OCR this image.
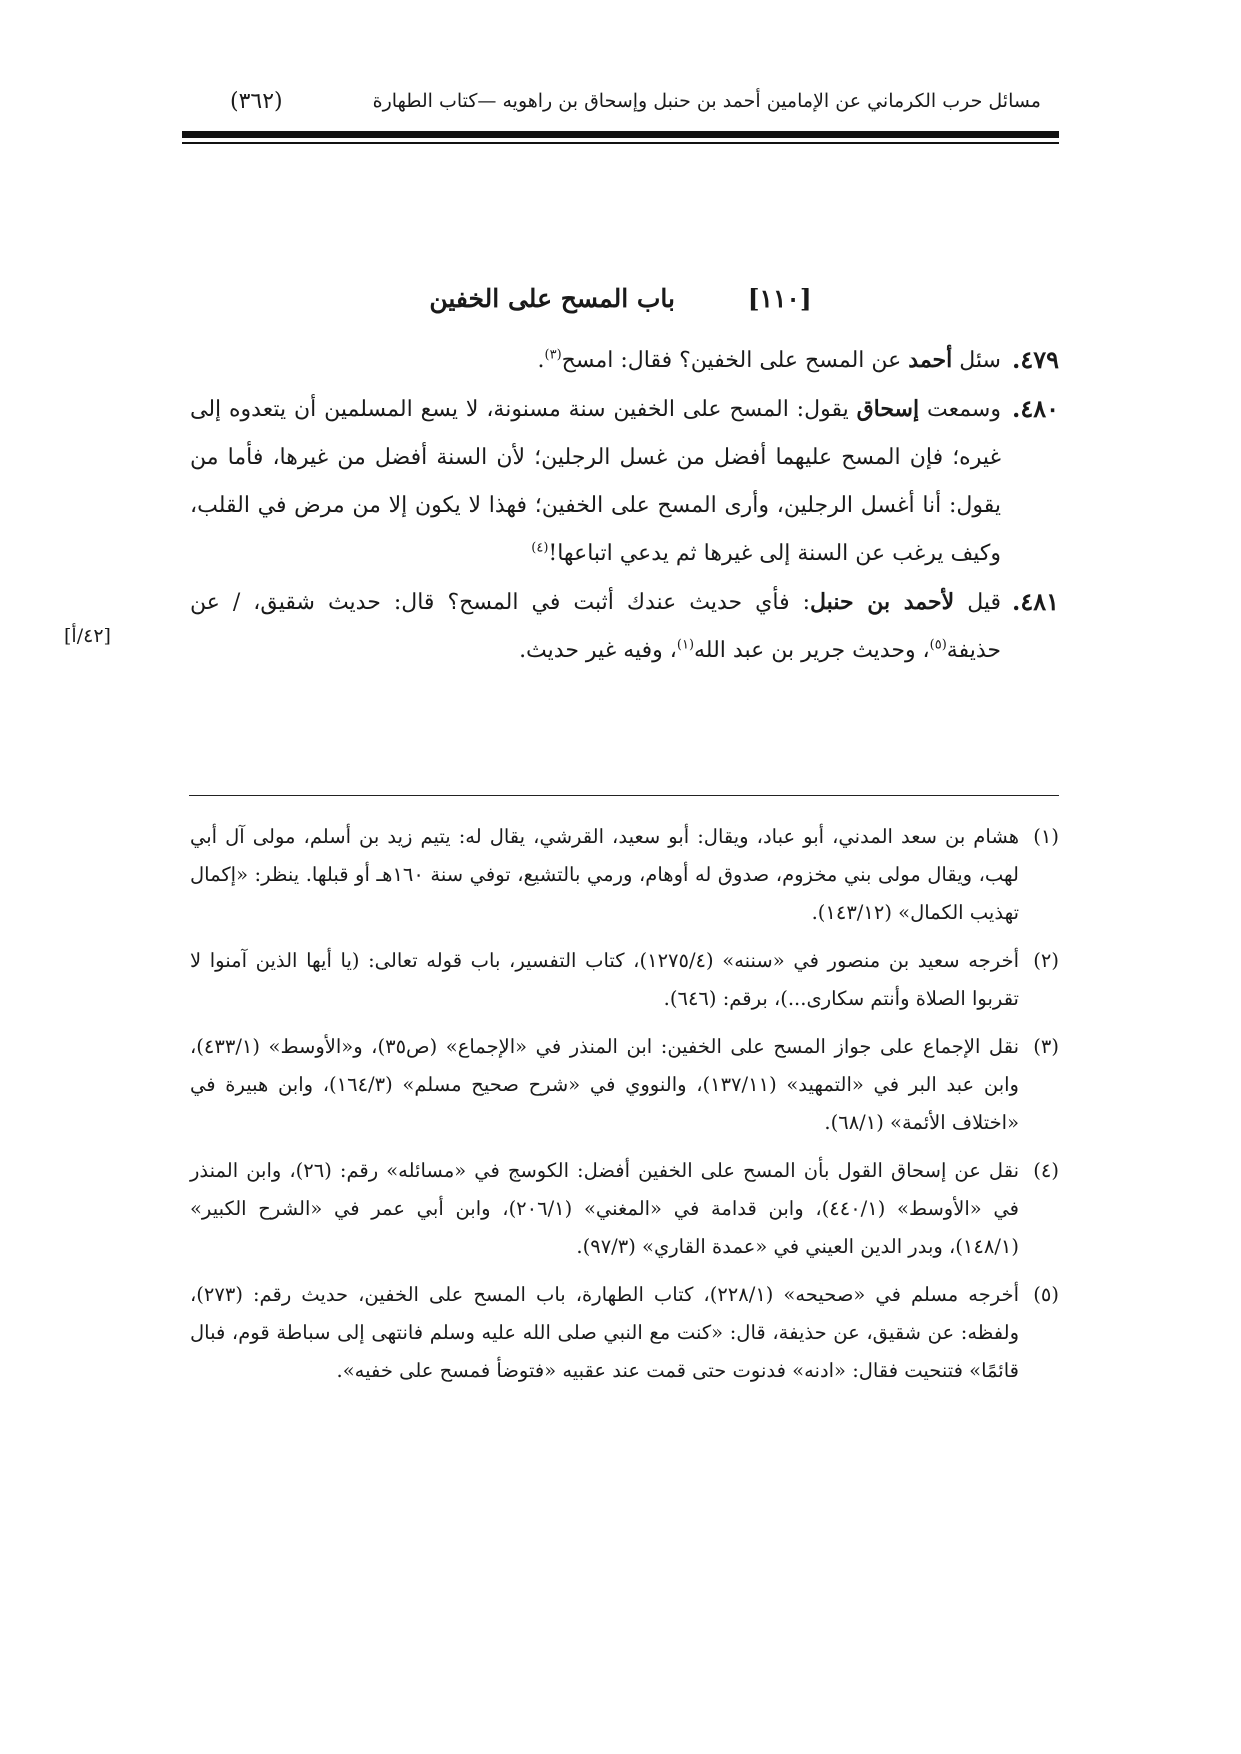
مسائل حرب الكرماني عن الإمامين أحمد بن حنبل وإسحاق بن راهويه —كتاب الطهارة
(٣٦٢)
[١١٠] باب المسح على الخفين
[٤٢/أ]

٤٧٩.
سئل أحمد عن المسح على الخفين؟ فقال: امسح$^{(٣)}$.

٤٨٠.
وسمعت إسحاق يقول: المسح على الخفين سنة مسنونة، لا يسع المسلمين أن يتعدوه إلى غيره؛ فإن المسح عليهما أفضل من غسل الرجلين؛ لأن السنة أفضل من غيرها، فأما من يقول: أنا أغسل الرجلين، وأرى المسح على الخفين؛ فهذا لا يكون إلا من مرض في القلب، وكيف يرغب عن السنة إلى غيرها ثم يدعي اتباعها!$^{(٤)}$

٤٨١.
قيل لأحمد بن حنبل: فأي حديث عندك أثبت في المسح؟ قال: حديث شقيق، / عن حذيفة$^{(٥)}$، وحديث جرير بن عبد الله$^{(١)}$، وفيه غير حديث.

(١)
هشام بن سعد المدني، أبو عباد، ويقال: أبو سعيد، القرشي، يقال له: يتيم زيد بن أسلم، مولى آل أبي لهب، ويقال مولى بني مخزوم، صدوق له أوهام، ورمي بالتشيع، توفي سنة ١٦٠هـ أو قبلها. ينظر: «إكمال تهذيب الكمال» (١٤٣/١٢).

(٢)
أخرجه سعيد بن منصور في «سننه» (١٢٧٥/٤)، كتاب التفسير، باب قوله تعالى: (يا أيها الذين آمنوا لا تقربوا الصلاة وأنتم سكارى...)، برقم: (٦٤٦).

(٣)
نقل الإجماع على جواز المسح على الخفين: ابن المنذر في «الإجماع» (ص٣٥)، و«الأوسط» (٤٣٣/١)، وابن عبد البر في «التمهيد» (١٣٧/١١)، والنووي في «شرح صحيح مسلم» (١٦٤/٣)، وابن هبيرة في «اختلاف الأئمة» (٦٨/١).

(٤)
نقل عن إسحاق القول بأن المسح على الخفين أفضل: الكوسج في «مسائله» رقم: (٢٦)، وابن المنذر في «الأوسط» (٤٤٠/١)، وابن قدامة في «المغني» (٢٠٦/١)، وابن أبي عمر في «الشرح الكبير» (١٤٨/١)، وبدر الدين العيني في «عمدة القاري» (٩٧/٣).

(٥)
أخرجه مسلم في «صحيحه» (٢٢٨/١)، كتاب الطهارة، باب المسح على الخفين، حديث رقم: (٢٧٣)، ولفظه: عن شقيق، عن حذيفة، قال: «كنت مع النبي صلى الله عليه وسلم فانتهى إلى سباطة قوم، فبال قائمًا» فتنحيت فقال: «ادنه» فدنوت حتى قمت عند عقبيه «فتوضأ فمسح على خفيه».
